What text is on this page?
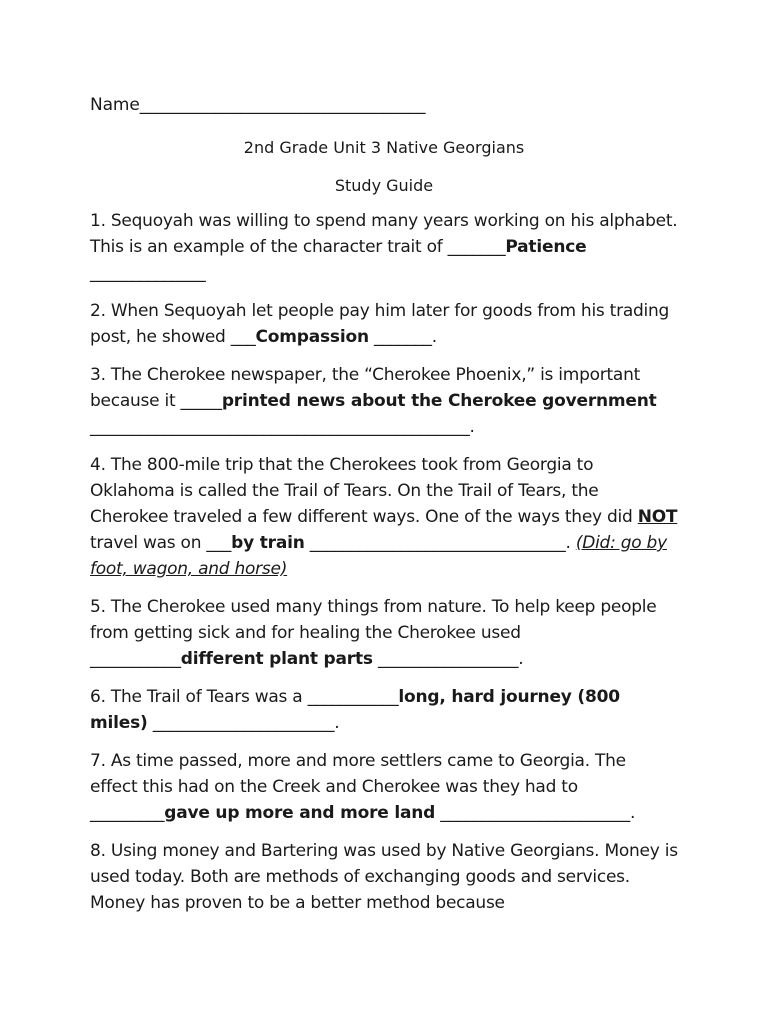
Name__________________________________
2nd Grade Unit 3 Native Georgians
Study Guide

1. Sequoyah was willing to spend many years working on his alphabet. This is an example of the character trait of _______Patience ______________

2. When Sequoyah let people pay him later for goods from his trading post, he showed ___Compassion _______.

3. The Cherokee newspaper, the “Cherokee Phoenix,” is important because it _____printed news about the Cherokee government ______________________________________________.

4. The 800-mile trip that the Cherokees took from Georgia to Oklahoma is called the Trail of Tears. On the Trail of Tears, the Cherokee traveled a few different ways. One of the ways they did NOT travel was on ___by train _______________________________. (Did: go by foot, wagon, and horse)

5. The Cherokee used many things from nature. To help keep people from getting sick and for healing the Cherokee used ___________different plant parts _________________.

6. The Trail of Tears was a ___________long, hard journey (800 miles) ______________________.

7. As time passed, more and more settlers came to Georgia. The effect this had on the Creek and Cherokee was they had to _________gave up more and more land _______________________.

8. Using money and Bartering was used by Native Georgians. Money is used today. Both are methods of exchanging goods and services. Money has proven to be a better method because
